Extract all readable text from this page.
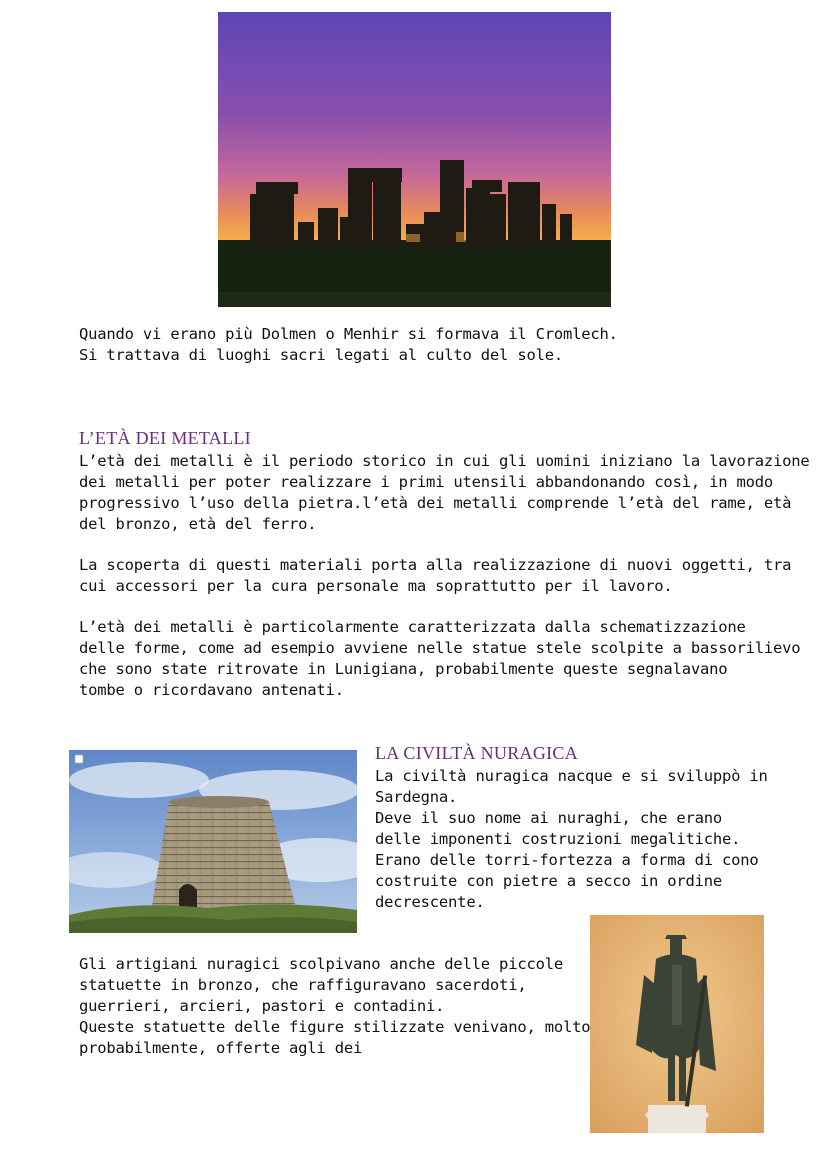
Quando vi erano più Dolmen o Menhir si formava il Cromlech.

Si trattava di luoghi sacri legati al culto del sole.

L’ETÀ DEI METALLI

L’età dei metalli è il periodo storico in cui gli uomini iniziano la lavorazione

dei metalli per poter realizzare i primi utensili abbandonando così, in modo

progressivo l’uso della pietra.l’età dei metalli comprende l’età del rame, età

del bronzo, età del ferro.

La scoperta di questi materiali porta alla realizzazione di nuovi oggetti, tra

cui accessori per la cura personale ma soprattutto per il lavoro.

L’età dei metalli è particolarmente caratterizzata dalla schematizzazione

delle forme, come ad esempio avviene nelle statue stele scolpite a bassorilievo

che sono state ritrovate in Lunigiana, probabilmente queste segnalavano

tombe o ricordavano antenati.

LA CIVILTÀ NURAGICA

La civiltà nuragica nacque e si sviluppò in

Sardegna.

Deve il suo nome ai nuraghi, che erano

delle imponenti costruzioni megalitiche.

Erano delle torri-fortezza a forma di cono

costruite con pietre a secco in ordine

decrescente.

Gli artigiani nuragici scolpivano anche delle piccole

statuette in bronzo, che raffiguravano sacerdoti,

guerrieri, arcieri, pastori e contadini.

Queste statuette delle figure stilizzate venivano, molto

probabilmente, offerte agli dei
